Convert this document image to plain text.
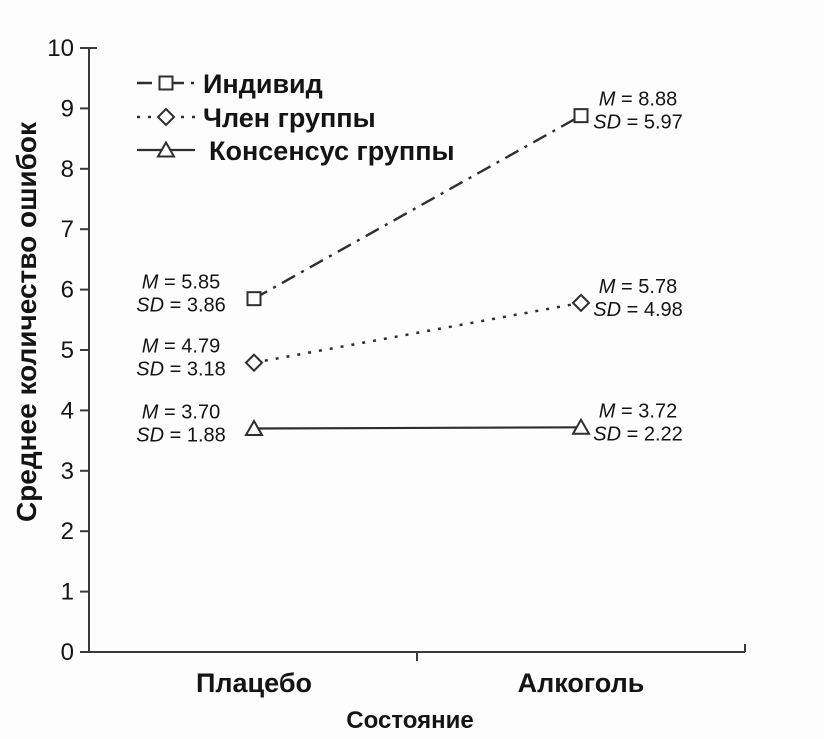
0
1
2
3
4
5
6
7
8
9
10
Плацебо	Алкоголь
Состояние
Среднее количество ошибок	M = 5.85
SD = 3.86
M = 8.88
SD = 5.97
M = 4.79
SD = 3.18
M = 5.78
SD = 4.98
M = 3.70
SD = 1.88
M = 3.72
SD = 2.22
Индивид
Член группы
Консенсус группы
